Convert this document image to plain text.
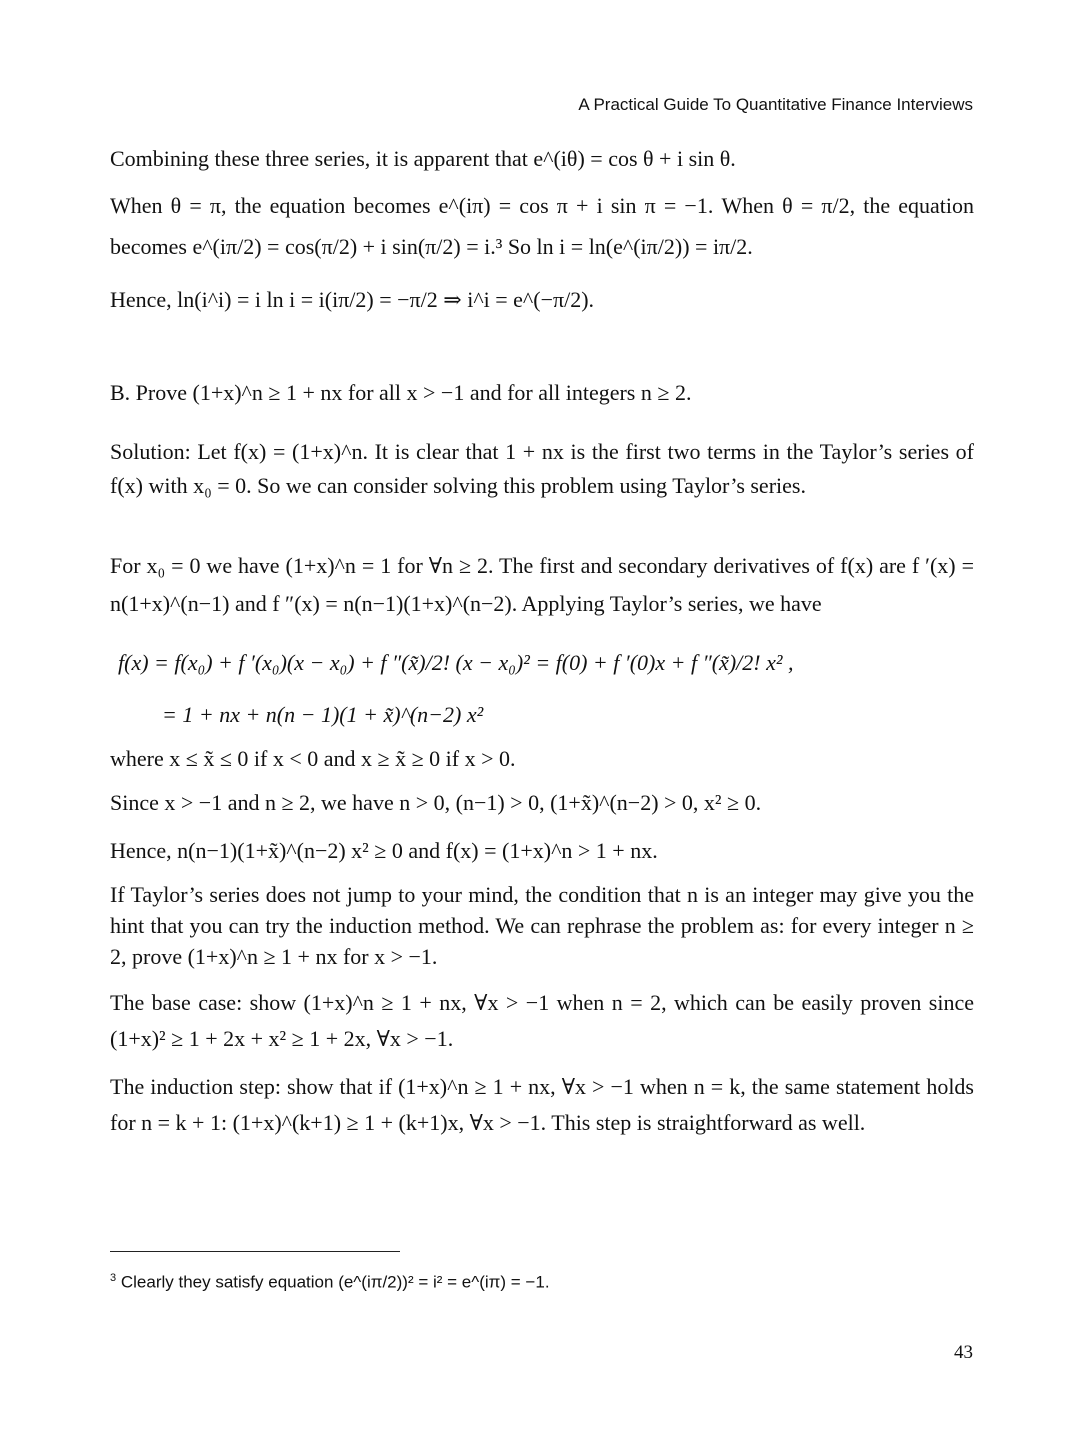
A Practical Guide To Quantitative Finance Interviews

Combining these three series, it is apparent that e^(iθ) = cos θ + i sin θ.

When θ = π, the equation becomes e^(iπ) = cos π + i sin π = −1. When θ = π/2, the equation becomes e^(iπ/2) = cos(π/2) + i sin(π/2) = i.³ So ln i = ln(e^(iπ/2)) = iπ/2.

Hence, ln(i^i) = i ln i = i(iπ/2) = −π/2 ⇒ i^i = e^(−π/2).

B. Prove (1+x)^n ≥ 1 + nx for all x > −1 and for all integers n ≥ 2.

Solution: Let f(x) = (1+x)^n. It is clear that 1 + nx is the first two terms in the Taylor’s series of f(x) with x₀ = 0. So we can consider solving this problem using Taylor’s series.

For x₀ = 0 we have (1+x)^n = 1 for ∀n ≥ 2. The first and secondary derivatives of f(x) are f ′(x) = n(1+x)^(n−1) and f ″(x) = n(n−1)(1+x)^(n−2). Applying Taylor’s series, we have

f(x) = f(x₀) + f ′(x₀)(x − x₀) + f ″(x̃)/2! (x − x₀)² = f(0) + f ′(0)x + f ″(x̃)/2! x² ,
= 1 + nx + n(n − 1)(1 + x̃)^(n−2) x²

where x ≤ x̃ ≤ 0 if x < 0 and x ≥ x̃ ≥ 0 if x > 0.

Since x > −1 and n ≥ 2, we have n > 0, (n−1) > 0, (1+x̃)^(n−2) > 0, x² ≥ 0.

Hence, n(n−1)(1+x̃)^(n−2) x² ≥ 0 and f(x) = (1+x)^n > 1 + nx.

If Taylor’s series does not jump to your mind, the condition that n is an integer may give you the hint that you can try the induction method. We can rephrase the problem as: for every integer n ≥ 2, prove (1+x)^n ≥ 1 + nx for x > −1.

The base case: show (1+x)^n ≥ 1 + nx, ∀x > −1 when n = 2, which can be easily proven since (1+x)² ≥ 1 + 2x + x² ≥ 1 + 2x, ∀x > −1.

The induction step: show that if (1+x)^n ≥ 1 + nx, ∀x > −1 when n = k, the same statement holds for n = k + 1: (1+x)^(k+1) ≥ 1 + (k+1)x, ∀x > −1. This step is straightforward as well.

$^3$ Clearly they satisfy equation (e^(iπ/2))² = i² = e^(iπ) = −1.
43
